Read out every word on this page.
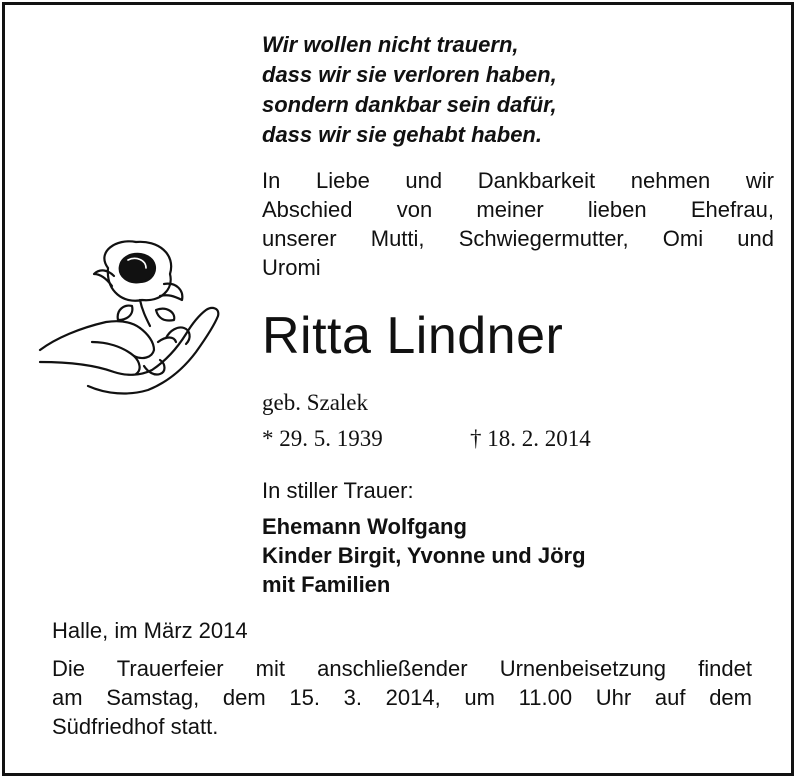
Wir wollen nicht trauern,
dass wir sie verloren haben,
sondern dankbar sein dafür,
dass wir sie gehabt haben.
In Liebe und Dankbarkeit nehmen wir
Abschied von meiner lieben Ehefrau,
unserer Mutti, Schwiegermutter, Omi und
Uromi
Ritta Lindner
geb. Szalek
* 29. 5. 1939	† 18. 2. 2014
In stiller Trauer:
Ehemann Wolfgang
Kinder Birgit, Yvonne und Jörg
mit Familien
Halle, im März 2014
Die Trauerfeier mit anschließender Urnenbeisetzung findet
am Samstag, dem 15. 3. 2014, um 11.00 Uhr auf dem
Südfriedhof statt.
